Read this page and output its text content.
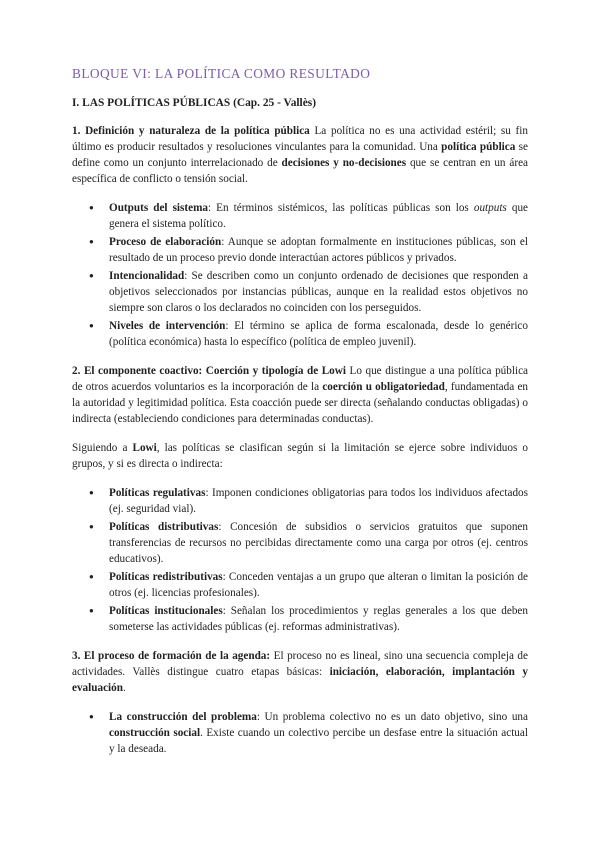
BLOQUE VI: LA POLÍTICA COMO RESULTADO
I. LAS POLÍTICAS PÚBLICAS (Cap. 25 - Vallès)

1. Definición y naturaleza de la política pública La política no es una actividad estéril; su fin último es producir resultados y resoluciones vinculantes para la comunidad. Una política pública se define como un conjunto interrelacionado de decisiones y no-decisiones que se centran en un área específica de conflicto o tensión social.

● Outputs del sistema: En términos sistémicos, las políticas públicas son los outputs que genera el sistema político.
● Proceso de elaboración: Aunque se adoptan formalmente en instituciones públicas, son el resultado de un proceso previo donde interactúan actores públicos y privados.
● Intencionalidad: Se describen como un conjunto ordenado de decisiones que responden a objetivos seleccionados por instancias públicas, aunque en la realidad estos objetivos no siempre son claros o los declarados no coinciden con los perseguidos.
● Niveles de intervención: El término se aplica de forma escalonada, desde lo genérico (política económica) hasta lo específico (política de empleo juvenil).

2. El componente coactivo: Coerción y tipología de Lowi Lo que distingue a una política pública de otros acuerdos voluntarios es la incorporación de la coerción u obligatoriedad, fundamentada en la autoridad y legitimidad política. Esta coacción puede ser directa (señalando conductas obligadas) o indirecta (estableciendo condiciones para determinadas conductas).

Siguiendo a Lowi, las políticas se clasifican según si la limitación se ejerce sobre individuos o grupos, y si es directa o indirecta:

● Políticas regulativas: Imponen condiciones obligatorias para todos los individuos afectados (ej. seguridad vial).
● Políticas distributivas: Concesión de subsidios o servicios gratuitos que suponen transferencias de recursos no percibidas directamente como una carga por otros (ej. centros educativos).
● Políticas redistributivas: Conceden ventajas a un grupo que alteran o limitan la posición de otros (ej. licencias profesionales).
● Políticas institucionales: Señalan los procedimientos y reglas generales a los que deben someterse las actividades públicas (ej. reformas administrativas).

3. El proceso de formación de la agenda: El proceso no es lineal, sino una secuencia compleja de actividades. Vallès distingue cuatro etapas básicas: iniciación, elaboración, implantación y evaluación.

● La construcción del problema: Un problema colectivo no es un dato objetivo, sino una construcción social. Existe cuando un colectivo percibe un desfase entre la situación actual y la deseada.
